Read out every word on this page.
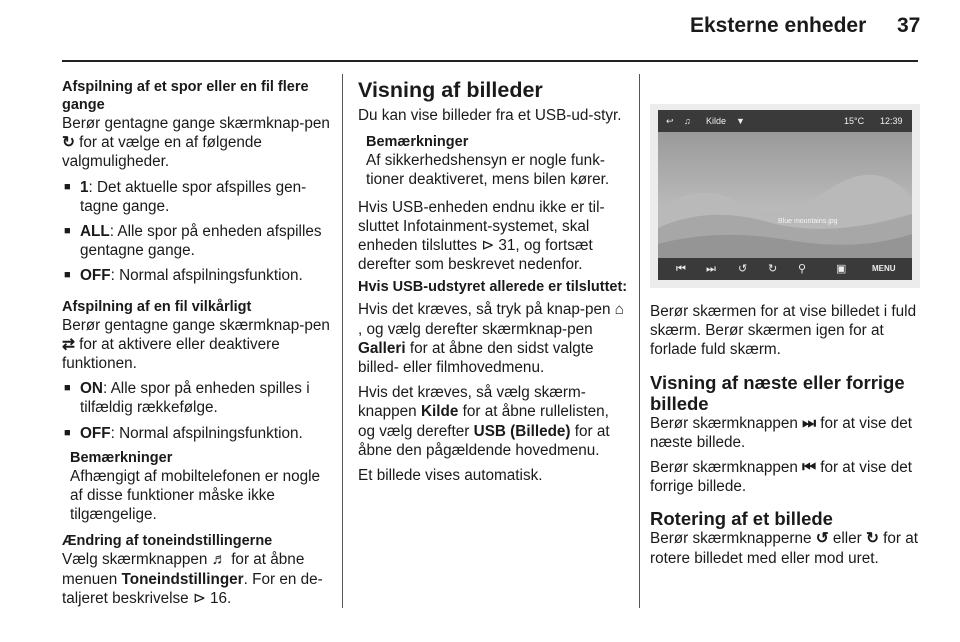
Eksterne enheder 37

Afspilning af et spor eller en fil flere gange

Berør gentagne gange skærmknap-pen ↻ for at vælge en af følgende valgmuligheder.

■ 1: Det aktuelle spor afspilles gen-tagne gange.

■ ALL: Alle spor på enheden afspilles gentagne gange.

■ OFF: Normal afspilningsfunktion.

Afspilning af en fil vilkårligt

Berør gentagne gange skærmknap-pen ⇄ for at aktivere eller deaktivere funktionen.

■ ON: Alle spor på enheden spilles i tilfældig rækkefølge.

■ OFF: Normal afspilningsfunktion.

Bemærkninger

Afhængigt af mobiltelefonen er nogle af disse funktioner måske ikke tilgængelige.

Ændring af toneindstillingerne

Vælg skærmknappen ♬ for at åbne menuen Toneindstillinger. For en de-taljeret beskrivelse ⊳ 16.

Visning af billeder

Du kan vise billeder fra et USB-ud-styr.

Bemærkninger

Af sikkerhedshensyn er nogle funk-tioner deaktiveret, mens bilen kører.

Hvis USB-enheden endnu ikke er til-sluttet Infotainment-systemet, skal enheden tilsluttes ⊳ 31, og fortsæt derefter som beskrevet nedenfor.

Hvis USB-udstyret allerede er tilsluttet:

Hvis det kræves, så tryk på knap-pen ⌂, og vælg derefter skærmknap-pen Galleri for at åbne den sidst valgte billed- eller filmhovedmenu.

Hvis det kræves, så vælg skærm-knappen Kilde for at åbne rullelisten, og vælg derefter USB (Billede) for at åbne den pågældende hovedmenu.

Et billede vises automatisk.

↩ ♫ Kilde ▼	15°C 12:39
Blue mountains.jpg
⏮ ⏭ ↺ ↻ ⚲	▣	MENU

Berør skærmen for at vise billedet i fuld skærm. Berør skærmen igen for at forlade fuld skærm.

Visning af næste eller forrige billede

Berør skærmknappen ⏭ for at vise det næste billede.

Berør skærmknappen ⏮ for at vise det forrige billede.

Rotering af et billede

Berør skærmknapperne ↺ eller ↻ for at rotere billedet med eller mod uret.
